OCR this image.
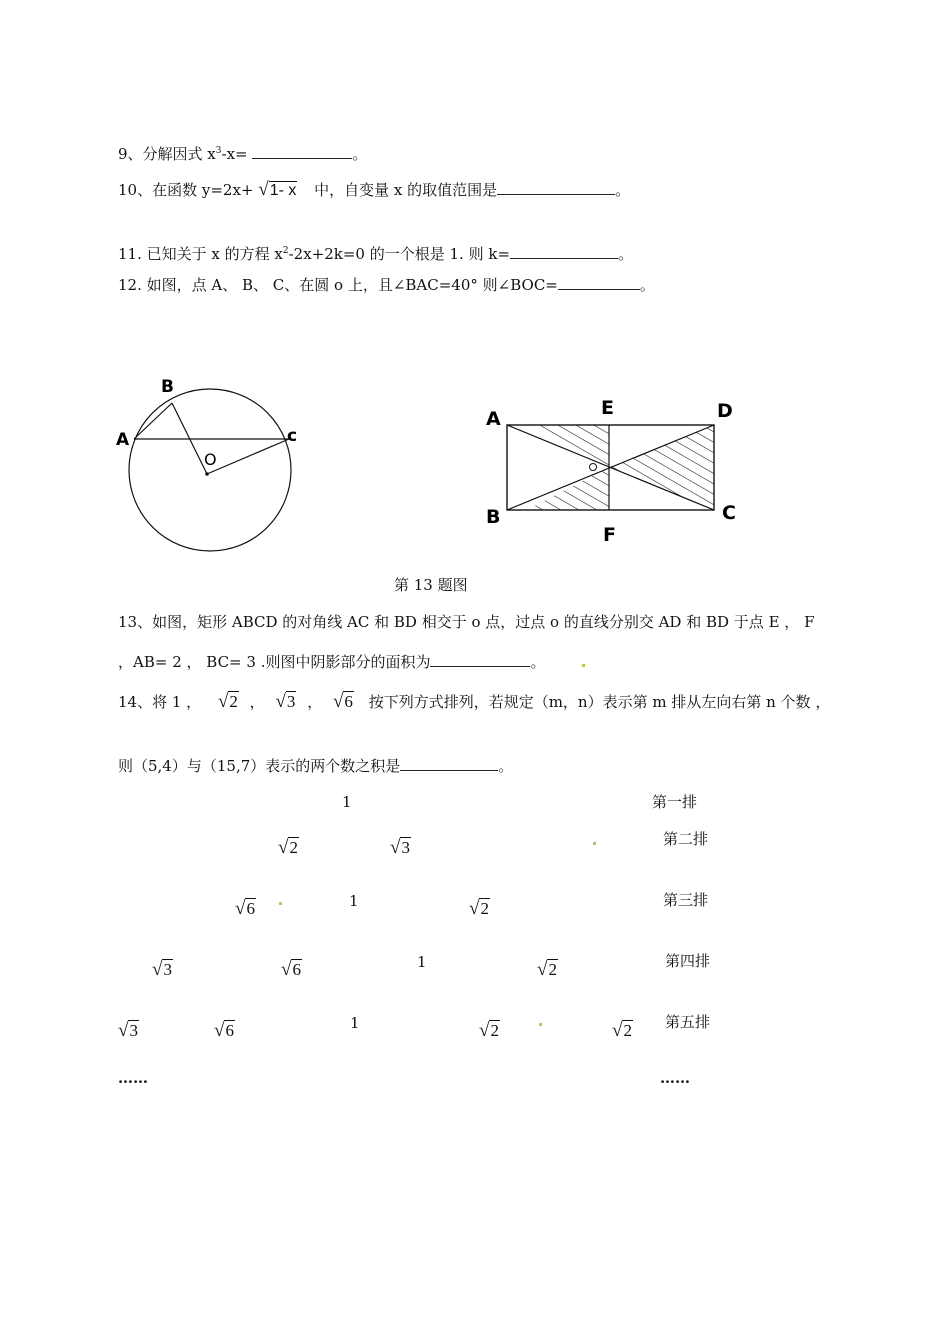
9、分解因式 $x^3-x=$	。
10、在函数 y=2x+ √1- x 中，自变量 x 的取值范围是	。
11. 已知关于 x 的方程 $x^2-2x+2k=0$ 的一个根是 1. 则 k=	。
12. 如图，点 A、 B、 C、在圆 o 上，且∠BAC=40° 则∠BOC=	。
B
A	c
O
A	E	D
B
F
C
第 13 题图
13、如图，矩形 ABCD 的对角线 AC 和 BD 相交于 o 点，过点 o 的直线分别交 AD 和 BD 于点 E ， F
，AB= 2 ， BC= 3 .则图中阴影部分的面积为	。
14、将 1 ， √2 ， √3 ， √6 按下列方式排列，若规定（m，n）表示第 m 排从左向右第 n 个数 ，
则（5,4）与（15,7）表示的两个数之积是	。
1	第一排
√2	√3	第二排
√6	1	√2	第三排
√3	√6	1	√2	第四排
√3	√6	1	√2	√2 第五排
……	……
